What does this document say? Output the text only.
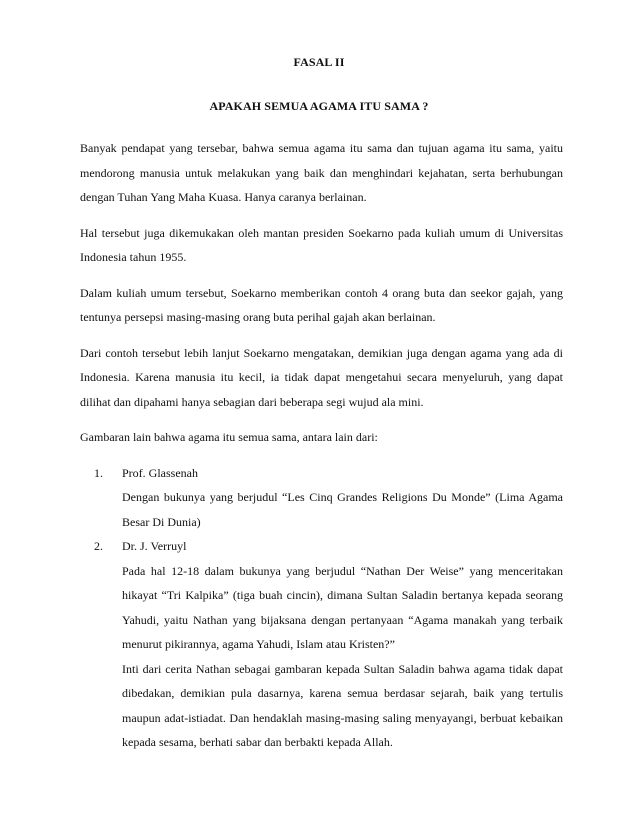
FASAL II
APAKAH SEMUA AGAMA ITU SAMA ?

Banyak pendapat yang tersebar, bahwa semua agama itu sama dan tujuan agama itu sama, yaitu mendorong manusia untuk melakukan yang baik dan menghindari kejahatan, serta berhubungan dengan Tuhan Yang Maha Kuasa. Hanya caranya berlainan.

Hal tersebut juga dikemukakan oleh mantan presiden Soekarno pada kuliah umum di Universitas Indonesia tahun 1955.

Dalam kuliah umum tersebut, Soekarno memberikan contoh 4 orang buta dan seekor gajah, yang tentunya persepsi masing-masing orang buta perihal gajah akan berlainan.

Dari contoh tersebut lebih lanjut Soekarno mengatakan, demikian juga dengan agama yang ada di Indonesia. Karena manusia itu kecil, ia tidak dapat mengetahui secara menyeluruh, yang dapat dilihat dan dipahami hanya sebagian dari beberapa segi wujud ala mini.

Gambaran lain bahwa agama itu semua sama, antara lain dari:

1. Prof. Glassenah

Dengan bukunya yang berjudul “Les Cinq Grandes Religions Du Monde” (Lima Agama Besar Di Dunia)

2. Dr. J. Verruyl

Pada hal 12-18 dalam bukunya yang berjudul “Nathan Der Weise” yang menceritakan hikayat “Tri Kalpika” (tiga buah cincin), dimana Sultan Saladin bertanya kepada seorang Yahudi, yaitu Nathan yang bijaksana dengan pertanyaan “Agama manakah yang terbaik menurut pikirannya, agama Yahudi, Islam atau Kristen?”

Inti dari cerita Nathan sebagai gambaran kepada Sultan Saladin bahwa agama tidak dapat dibedakan, demikian pula dasarnya, karena semua berdasar sejarah, baik yang tertulis maupun adat-istiadat. Dan hendaklah masing-masing saling menyayangi, berbuat kebaikan kepada sesama, berhati sabar dan berbakti kepada Allah.
